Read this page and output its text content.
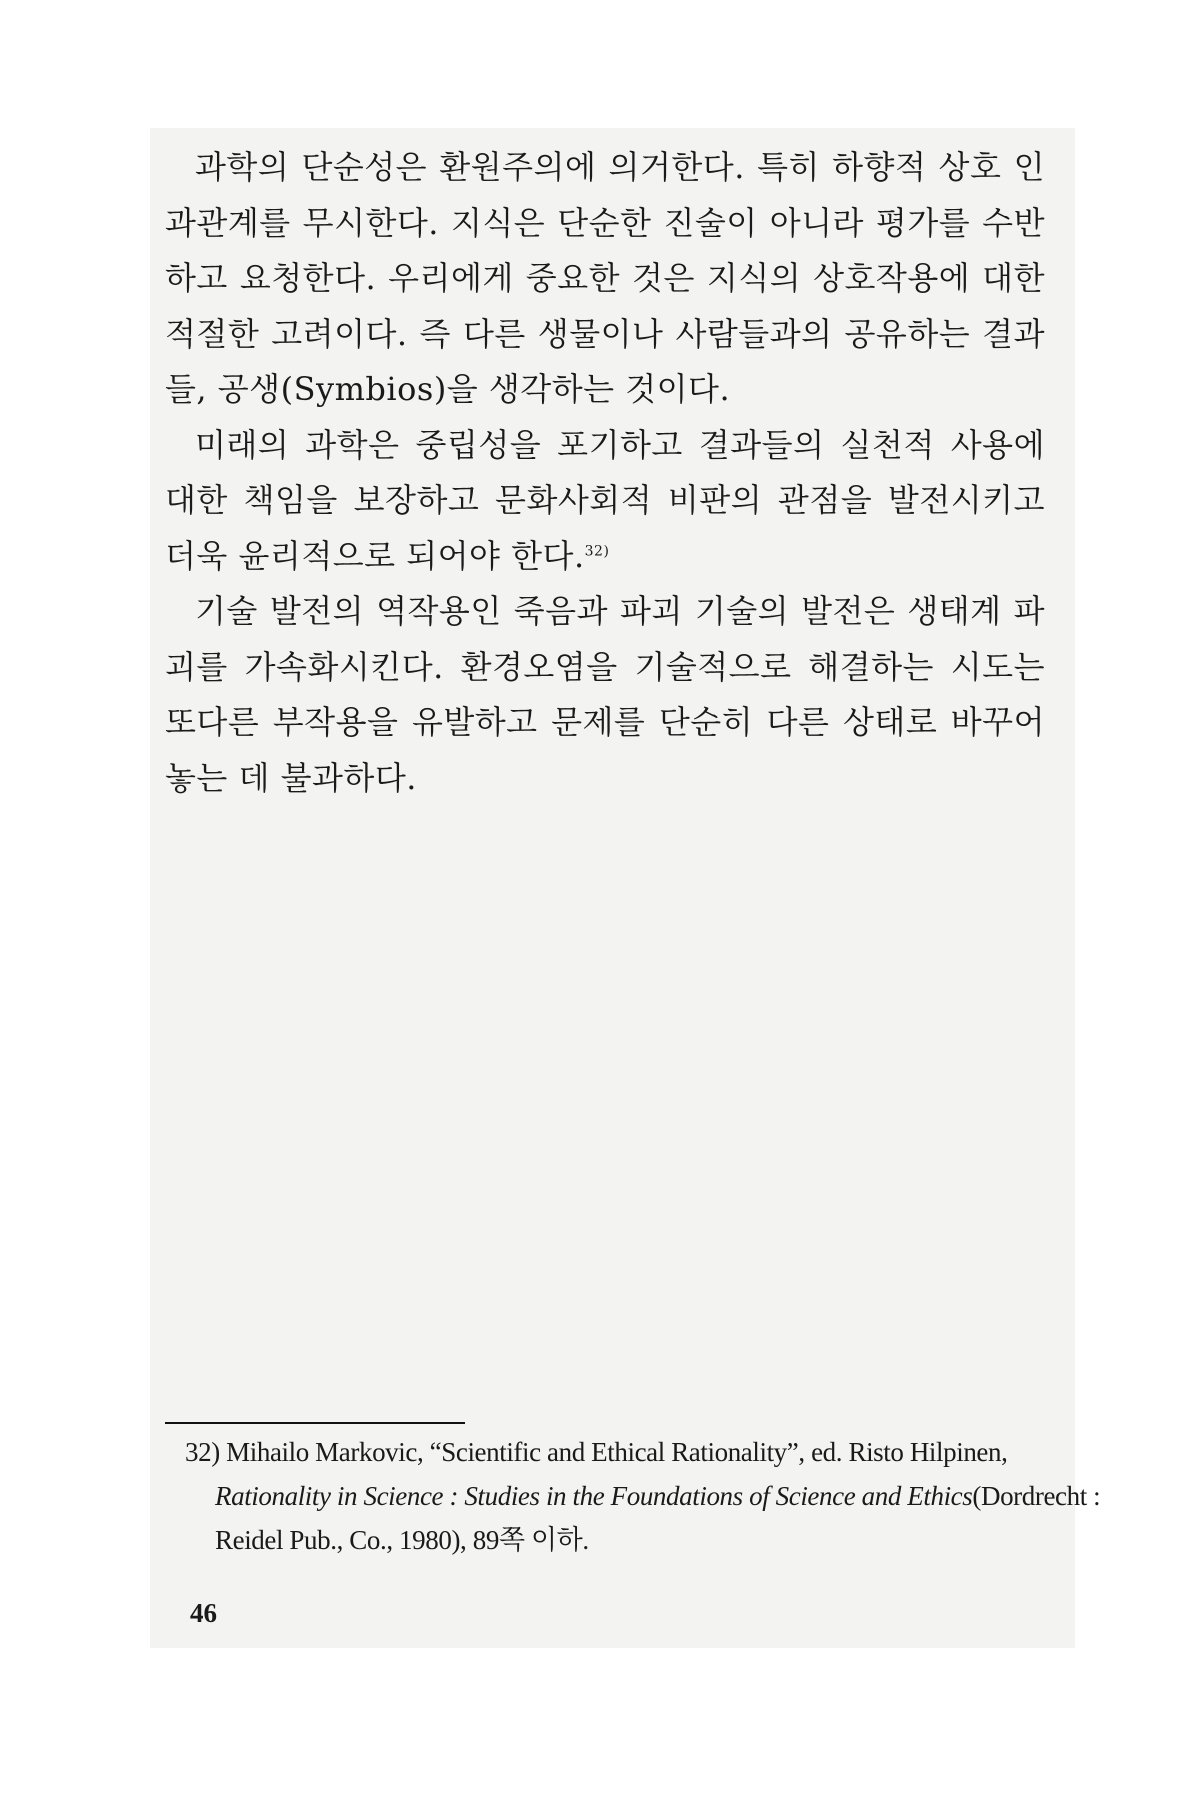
과학의 단순성은 환원주의에 의거한다. 특히 하향적 상호 인과관계를 무시한다. 지식은 단순한 진술이 아니라 평가를 수반하고 요청한다. 우리에게 중요한 것은 지식의 상호작용에 대한 적절한 고려이다. 즉 다른 생물이나 사람들과의 공유하는 결과들, 공생(Symbios)을 생각하는 것이다.

미래의 과학은 중립성을 포기하고 결과들의 실천적 사용에 대한 책임을 보장하고 문화사회적 비판의 관점을 발전시키고 더욱 윤리적으로 되어야 한다.$^{32)}$

기술 발전의 역작용인 죽음과 파괴 기술의 발전은 생태계 파괴를 가속화시킨다. 환경오염을 기술적으로 해결하는 시도는 또다른 부작용을 유발하고 문제를 단순히 다른 상태로 바꾸어 놓는 데 불과하다.

32) Mihailo Markovic, “Scientific and Ethical Rationality”, ed. Risto Hilpinen,
Rationality in Science : Studies in the Foundations of Science and Ethics(Dordrecht :
Reidel Pub., Co., 1980), 89쪽 이하.
46
